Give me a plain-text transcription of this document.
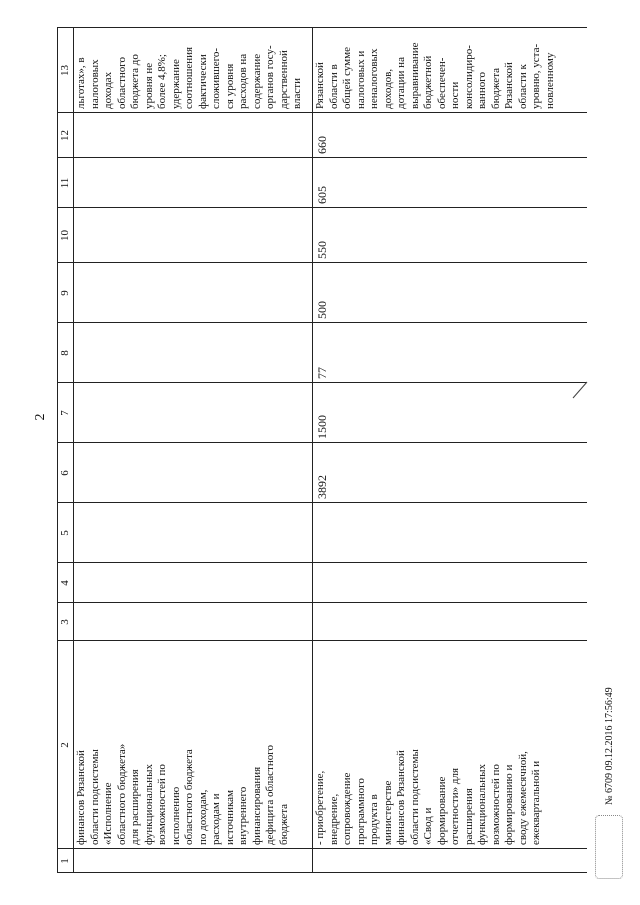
2
1
2
3
4
5
6
7
8
9
10
11
12
13
финансов Рязанской
области подсистемы
«Исполнение
областного бюджета»
для расширения
функциональных
возможностей по
исполнению
областного бюджета
по доходам,
расходам и
источникам
внутреннего
финансирования
дефицита областного
бюджета
льготах», в
налоговых
доходах
областного
бюджета до
уровня не
более 4,8%;
удержание
соотношения
фактически
сложившего-
ся уровня
расходов на
содержание
органов госу-
дарственной
власти
- приобретение,
внедрение,
сопровождение
программного
продукта в
министерстве
финансов Рязанской
области подсистемы
«Свод и
формирование
отчетности» для
расширения
функциональных
возможностей по
формированию и
своду ежемесячной,
ежеквартальной и
3892
1500
77
500
550
605
660
Рязанской
области в
общей сумме
налоговых и
неналоговых
доходов,
дотации на
выравнивание
бюджетной
обеспечен-
ности
консолидиро-
ванного
бюджета
Рязанской
области к
уровню, уста-
новленному
№ 6709 09.12.2016 17:56:49
